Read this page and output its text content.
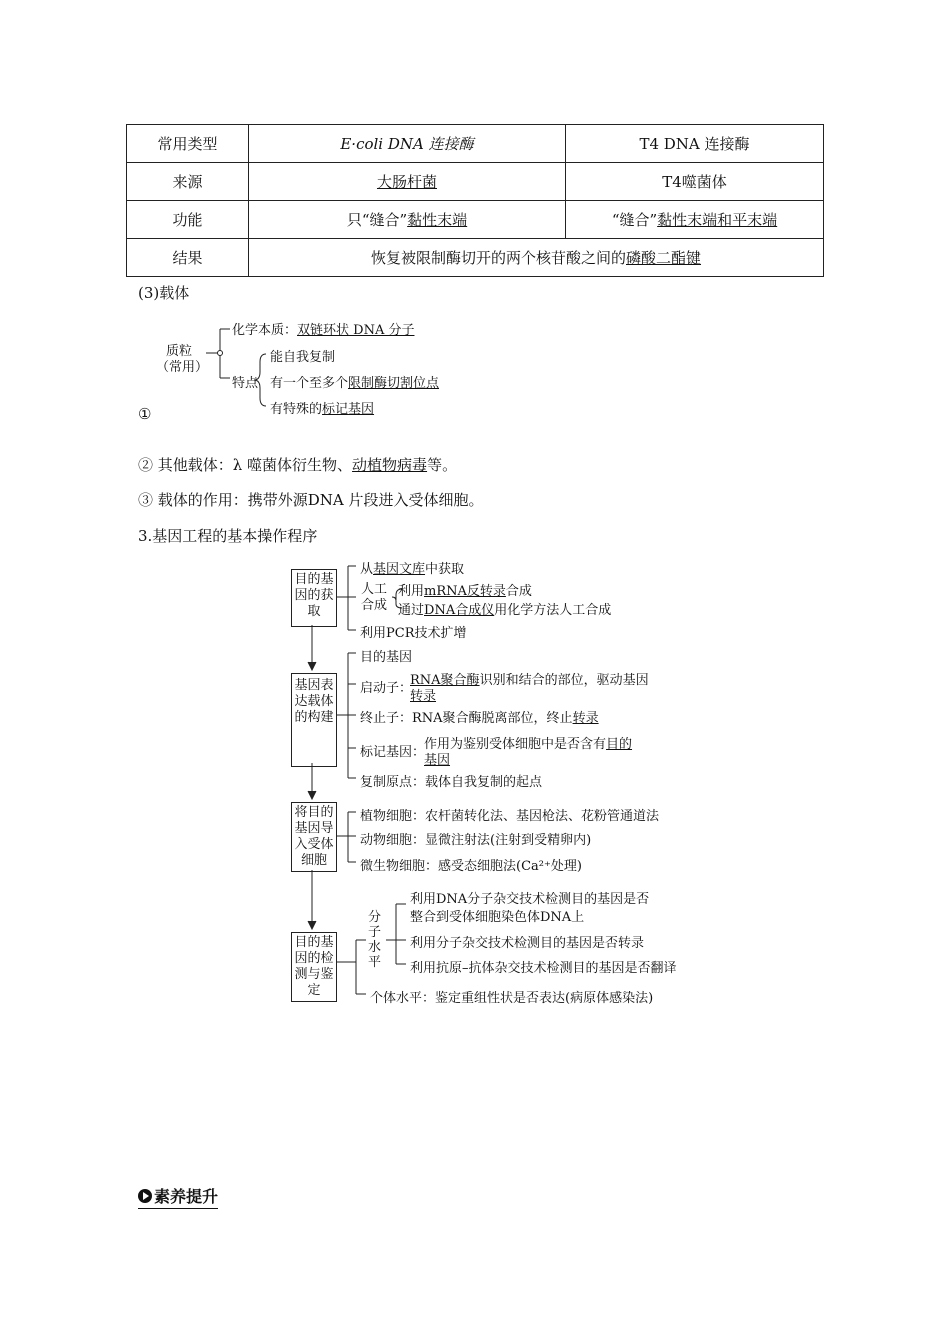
常用类型	E·coli DNA 连接酶	T4 DNA 连接酶
来源	大肠杆菌	T4噬菌体
功能	只“缝合”黏性末端	“缝合”黏性末端和平末端
结果	恢复被限制酶切开的两个核苷酸之间的磷酸二酯键	
(3)载体
质粒
（常用）
化学本质：双链环状 DNA 分子
特点
能自我复制
有一个至多个限制酶切割位点
有特殊的标记基因
①
② 其他载体：λ 噬菌体衍生物、动植物病毒等。
③ 载体的作用：携带外源DNA 片段进入受体细胞。
3.基因工程的基本操作程序
目的基因的获取
从基因文库中获取
人工合成
利用mRNA反转录合成
通过DNA合成仪用化学方法人工合成
利用PCR技术扩增
基因表达载体的构建
目的基因
启动子：
RNA聚合酶识别和结合的部位，驱动基因
转录
终止子：RNA聚合酶脱离部位，终止转录
标记基因：
作用为鉴别受体细胞中是否含有目的
基因
复制原点：载体自我复制的起点
将目的基因导入受体细胞
植物细胞：农杆菌转化法、基因枪法、花粉管通道法
动物细胞：显微注射法(注射到受精卵内)
微生物细胞：感受态细胞法(Ca²⁺处理)
目的基因的检测与鉴定
分子水平
利用DNA分子杂交技术检测目的基因是否
整合到受体细胞染色体DNA上
利用分子杂交技术检测目的基因是否转录
利用抗原–抗体杂交技术检测目的基因是否翻译
个体水平：鉴定重组性状是否表达(病原体感染法)
素养提升
